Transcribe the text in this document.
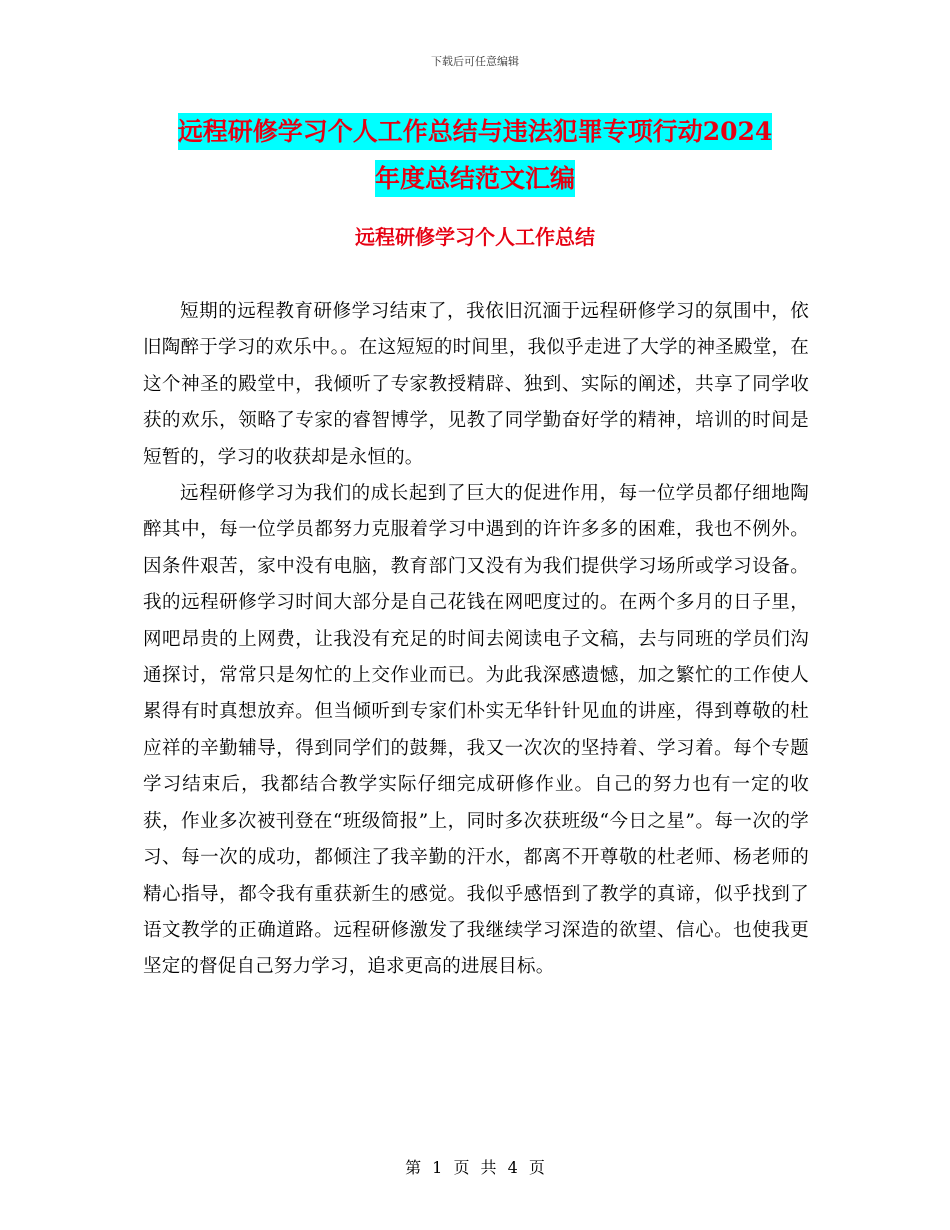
下载后可任意编辑
远程研修学习个人工作总结与违法犯罪专项行动2024
年度总结范文汇编
远程研修学习个人工作总结

短期的远程教育研修学习结束了，我依旧沉湎于远程研修学习的氛围中，依旧陶醉于学习的欢乐中。。在这短短的时间里，我似乎走进了大学的神圣殿堂，在这个神圣的殿堂中，我倾听了专家教授精辟、独到、实际的阐述，共享了同学收获的欢乐，领略了专家的睿智博学，见教了同学勤奋好学的精神，培训的时间是短暂的，学习的收获却是永恒的。

远程研修学习为我们的成长起到了巨大的促进作用，每一位学员都仔细地陶醉其中，每一位学员都努力克服着学习中遇到的许许多多的困难，我也不例外。因条件艰苦，家中没有电脑，教育部门又没有为我们提供学习场所或学习设备。我的远程研修学习时间大部分是自己花钱在网吧度过的。在两个多月的日子里，网吧昂贵的上网费，让我没有充足的时间去阅读电子文稿，去与同班的学员们沟通探讨，常常只是匆忙的上交作业而已。为此我深感遗憾，加之繁忙的工作使人累得有时真想放弃。但当倾听到专家们朴实无华针针见血的讲座，得到尊敬的杜应祥的辛勤辅导，得到同学们的鼓舞，我又一次次的坚持着、学习着。每个专题学习结束后，我都结合教学实际仔细完成研修作业。自己的努力也有一定的收获，作业多次被刊登在“班级简报”上，同时多次获班级“今日之星”。每一次的学习、每一次的成功，都倾注了我辛勤的汗水，都离不开尊敬的杜老师、杨老师的精心指导，都令我有重获新生的感觉。我似乎感悟到了教学的真谛，似乎找到了语文教学的正确道路。远程研修激发了我继续学习深造的欲望、信心。也使我更坚定的督促自己努力学习，追求更高的进展目标。

第 1 页 共 4 页
